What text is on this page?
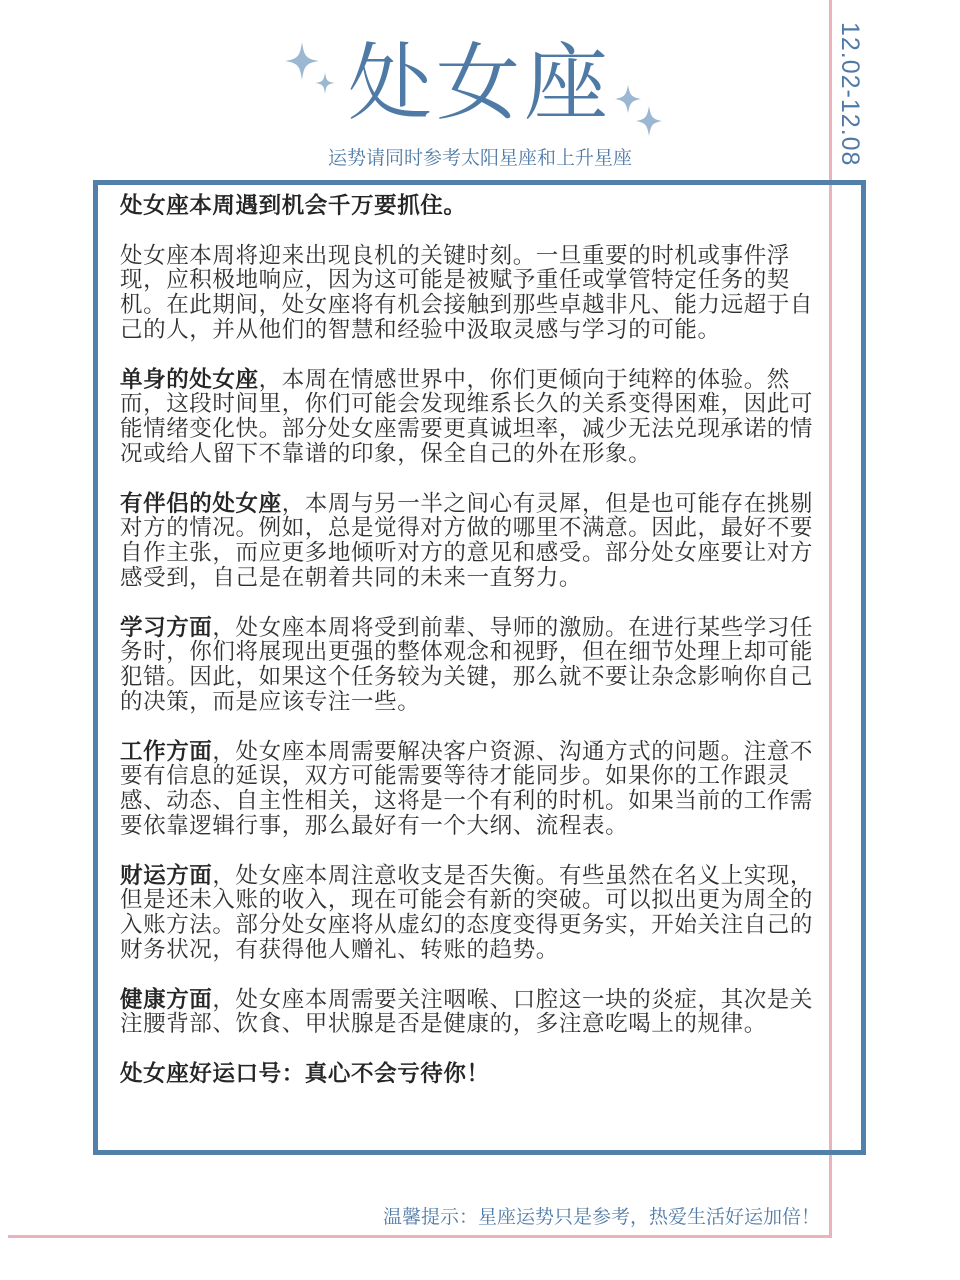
12.02-12.08
处女座
运势请同时参考太阳星座和上升星座

处女座本周遇到机会千万要抓住。

处女座本周将迎来出现良机的关键时刻。一旦重要的时机或事件浮现，应积极地响应，因为这可能是被赋予重任或掌管特定任务的契机。在此期间，处女座将有机会接触到那些卓越非凡、能力远超于自己的人，并从他们的智慧和经验中汲取灵感与学习的可能。

单身的处女座，本周在情感世界中，你们更倾向于纯粹的体验。然而，这段时间里，你们可能会发现维系长久的关系变得困难，因此可能情绪变化快。部分处女座需要更真诚坦率，减少无法兑现承诺的情况或给人留下不靠谱的印象，保全自己的外在形象。

有伴侣的处女座，本周与另一半之间心有灵犀，但是也可能存在挑剔对方的情况。例如，总是觉得对方做的哪里不满意。因此，最好不要自作主张，而应更多地倾听对方的意见和感受。部分处女座要让对方感受到，自己是在朝着共同的未来一直努力。

学习方面，处女座本周将受到前辈、导师的激励。在进行某些学习任务时，你们将展现出更强的整体观念和视野，但在细节处理上却可能犯错。因此，如果这个任务较为关键，那么就不要让杂念影响你自己的决策，而是应该专注一些。

工作方面，处女座本周需要解决客户资源、沟通方式的问题。注意不要有信息的延误，双方可能需要等待才能同步。如果你的工作跟灵感、动态、自主性相关，这将是一个有利的时机。如果当前的工作需要依靠逻辑行事，那么最好有一个大纲、流程表。

财运方面，处女座本周注意收支是否失衡。有些虽然在名义上实现，但是还未入账的收入，现在可能会有新的突破。可以拟出更为周全的入账方法。部分处女座将从虚幻的态度变得更务实，开始关注自己的财务状况，有获得他人赠礼、转账的趋势。

健康方面，处女座本周需要关注咽喉、口腔这一块的炎症，其次是关注腰背部、饮食、甲状腺是否是健康的，多注意吃喝上的规律。

处女座好运口号：真心不会亏待你！

温馨提示：星座运势只是参考，热爱生活好运加倍！
